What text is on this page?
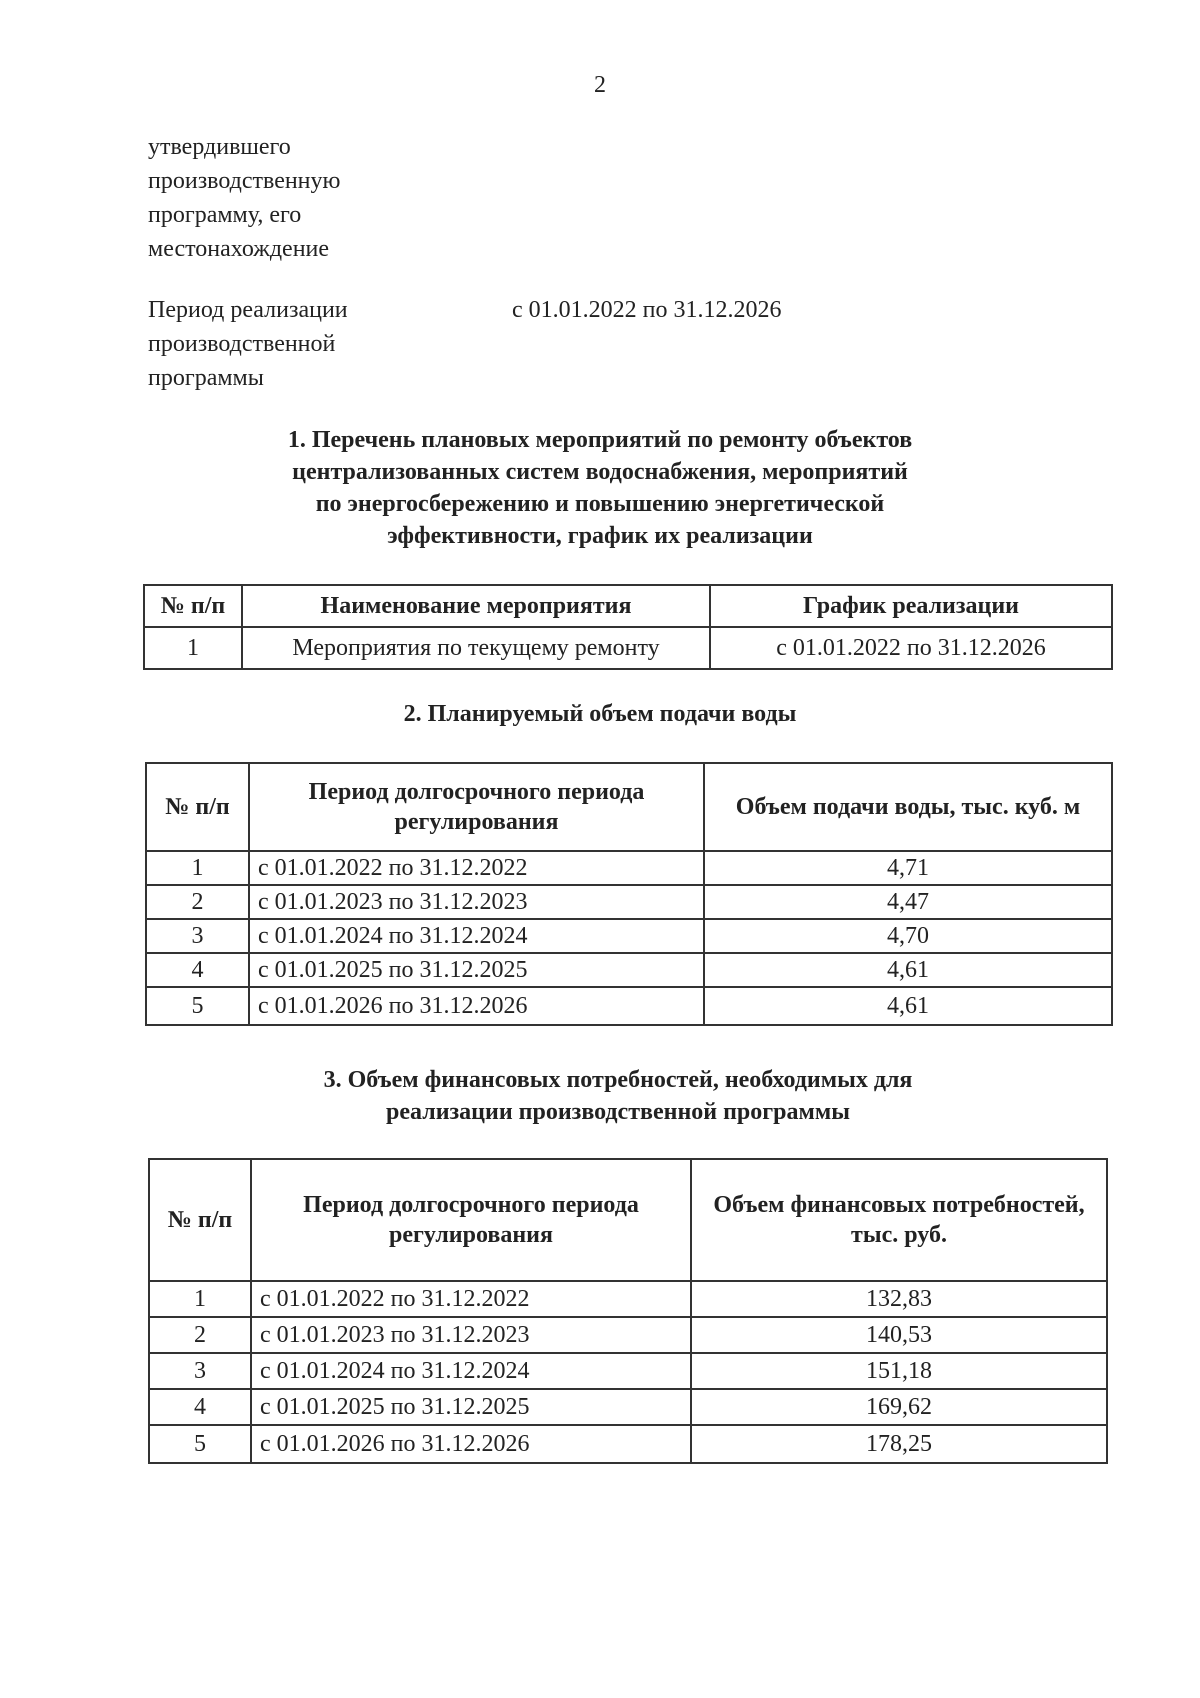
2
утвердившего
производственную
программу, его
местонахождение
Период реализации
производственной
программы
с 01.01.2022 по 31.12.2026
1. Перечень плановых мероприятий по ремонту объектов
централизованных систем водоснабжения, мероприятий
по энергосбережению и повышению энергетической
эффективности, график их реализации
№ п/п	Наименование мероприятия	График реализации
1	Мероприятия по текущему ремонту	с 01.01.2022 по 31.12.2026
2. Планируемый объем подачи воды
№ п/п	Период долгосрочного периода регулирования	Объем подачи воды, тыс. куб. м
1	с 01.01.2022 по 31.12.2022	4,71
2	с 01.01.2023 по 31.12.2023	4,47
3	с 01.01.2024 по 31.12.2024	4,70
4	с 01.01.2025 по 31.12.2025	4,61
5	с 01.01.2026 по 31.12.2026	4,61
3. Объем финансовых потребностей, необходимых для
реализации производственной программы
№ п/п	Период долгосрочного периода регулирования	Объем финансовых потребностей, тыс. руб.
1	с 01.01.2022 по 31.12.2022	132,83
2	с 01.01.2023 по 31.12.2023	140,53
3	с 01.01.2024 по 31.12.2024	151,18
4	с 01.01.2025 по 31.12.2025	169,62
5	с 01.01.2026 по 31.12.2026	178,25
